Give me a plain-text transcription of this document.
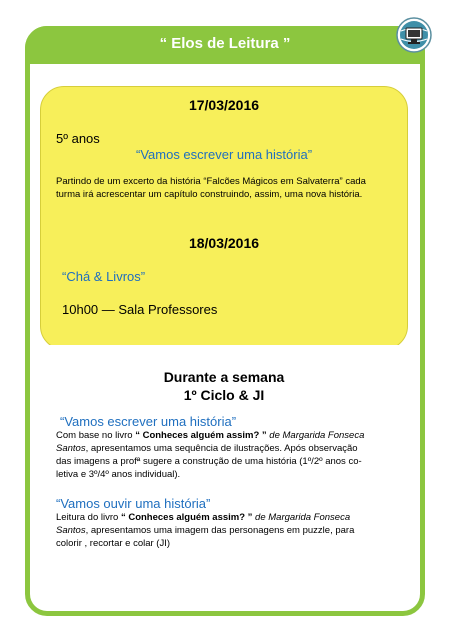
“ Elos de Leitura ”
17/03/2016
5º anos
“Vamos escrever uma história”
Partindo de um excerto da história “Falcões Mágicos em Salvaterra” cada
turma irá acrescentar um capítulo construindo, assim, uma nova história.
18/03/2016
“Chá & Livros”
10h00 — Sala Professores
Durante a semana
1º Ciclo & JI
“Vamos escrever uma história”
Com base no livro “ Conheces alguém assim? ” de Margarida Fonseca
Santos, apresentamos uma sequência de ilustrações. Após observação
das imagens a profª sugere a construção de uma história (1º/2º anos co-
letiva e 3º/4º anos individual).
“Vamos ouvir uma história”
Leitura do livro “ Conheces alguém assim? ” de Margarida Fonseca
Santos, apresentamos uma imagem das personagens em puzzle, para
colorir , recortar e colar (JI)
